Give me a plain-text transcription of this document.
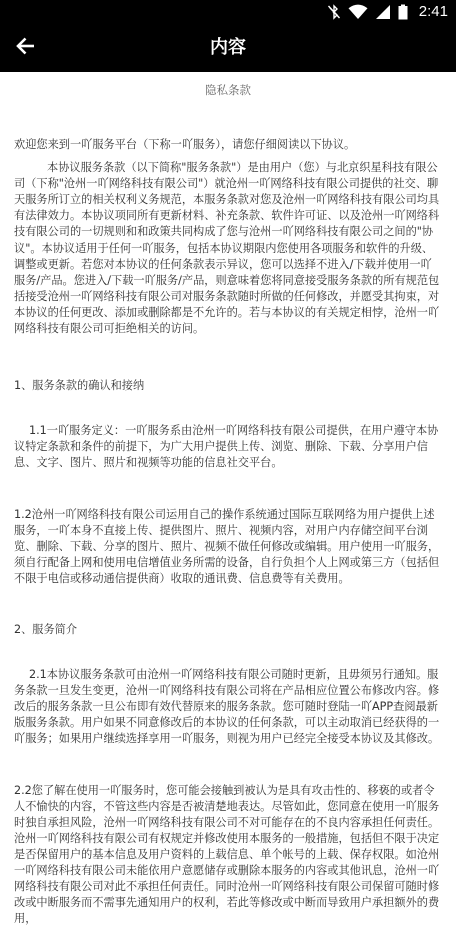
2:41
内容
隐私条款

欢迎您来到一吖服务平台（下称一吖服务），请您仔细阅读以下协议。

本协议服务条款（以下简称"服务条款"）是由用户（您）与北京织星科技有限公司（下称"沧州一吖网络科技有限公司"）就沧州一吖网络科技有限公司提供的社交、聊天服务所订立的相关权利义务规范，本服务条款对您及沧州一吖网络科技有限公司均具有法律效力。本协议项同所有更新材料、补充条款、软件许可证、以及沧州一吖网络科技有限公司的一切规则和和政策共同构成了您与沧州一吖网络科技有限公司之间的"协议"。本协议适用于任何一吖服务，包括本协议期限内您使用各项服务和软件的升级、调整或更新。若您对本协议的任何条款表示异议，您可以选择不进入/下载并使用一吖服务/产品。您进入/下载一吖服务/产品，则意味着您将同意接受服务条款的所有规范包括接受沧州一吖网络科技有限公司对服务条款随时所做的任何修改，并愿受其拘束，对本协议的任何更改、添加或删除都是不允许的。若与本协议的有关规定相悖，沧州一吖网络科技有限公司可拒绝相关的访问。

1、服务条款的确认和接纳

1.1一吖服务定义：一吖服务系由沧州一吖网络科技有限公司提供，在用户遵守本协议特定条款和条件的前提下，为广大用户提供上传、浏览、删除、下载、分享用户信息、文字、图片、照片和视频等功能的信息社交平台。

1.2沧州一吖网络科技有限公司运用自己的操作系统通过国际互联网络为用户提供上述服务，一吖本身不直接上传、提供图片、照片、视频内容，对用户内存储空间平台浏览、删除、下载、分享的图片、照片、视频不做任何修改或编辑。用户使用一吖服务，须自行配备上网和使用电信增值业务所需的设备，自行负担个人上网或第三方（包括但不限于电信或移动通信提供商）收取的通讯费、信息费等有关费用。

2、服务简介

2.1本协议服务条款可由沧州一吖网络科技有限公司随时更新，且毋须另行通知。服务条款一旦发生变更，沧州一吖网络科技有限公司将在产品相应位置公布修改内容。修改后的服务条款一旦公布即有效代替原来的服务条款。您可随时登陆一吖APP查阅最新版服务条款。用户如果不同意修改后的本协议的任何条款，可以主动取消已经获得的一吖服务；如果用户继续选择享用一吖服务，则视为用户已经完全接受本协议及其修改。

2.2您了解在使用一吖服务时，您可能会接触到被认为是具有攻击性的、移亵的或者令人不愉快的内容，不管这些内容是否被清楚地表达。尽管如此，您同意在使用一吖服务时独自承担风险，沧州一吖网络科技有限公司不对可能存在的不良内容承担任何责任。沧州一吖网络科技有限公司有权规定并修改使用本服务的一般措施，包括但不限于决定是否保留用户的基本信息及用户资料的上载信息、单个帐号的上载、保存权限。如沧州一吖网络科技有限公司未能依用户意愿储存或删除本服务的内容或其他讯息，沧州一吖网络科技有限公司对此不承担任何责任。同时沧州一吖网络科技有限公司保留可随时修改或中断服务而不需事先通知用户的权利，若此等修改或中断而导致用户承担额外的费用，
